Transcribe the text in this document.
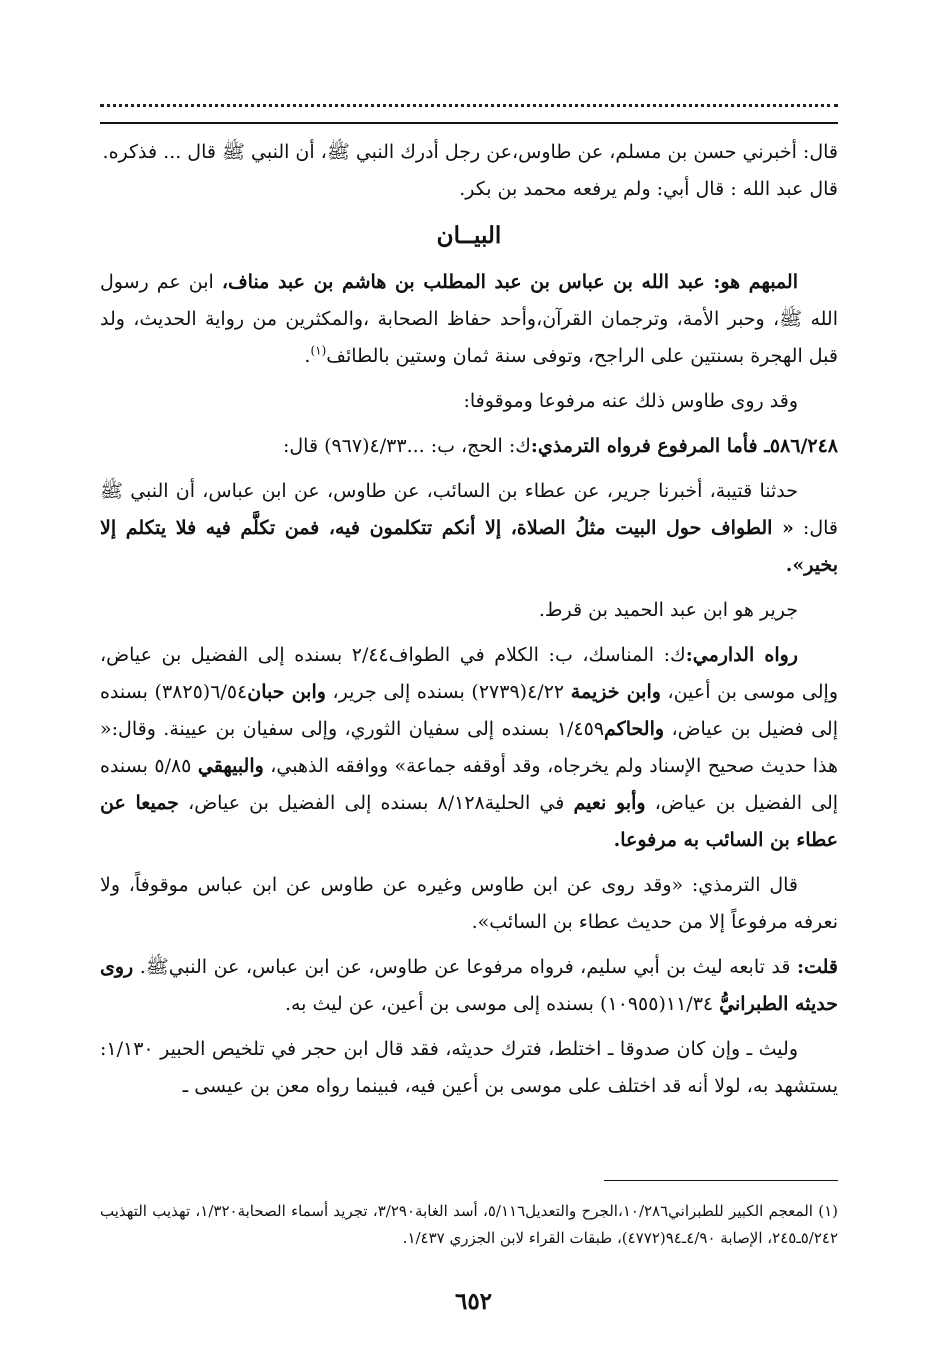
قال: أخبرني حسن بن مسلم، عن طاوس،عن رجل أدرك النبي ﷺ، أن النبي ﷺ قال ... فذكره.
قال عبد الله : قال أبي: ولم يرفعه محمد بن بكر.

البيــان

المبهم هو: عبد الله بن عباس بن عبد المطلب بن هاشم بن عبد مناف، ابن عم رسول الله ﷺ، وحبر الأمة، وترجمان القرآن،وأحد حفاظ الصحابة ،والمكثرين من رواية الحديث، ولد قبل الهجرة بسنتين على الراجح، وتوفى سنة ثمان وستين بالطائف$^{(١)}$.

وقد روى طاوس ذلك عنه مرفوعا وموقوفا:

٥٨٦/٢٤٨ـ فأما المرفوع فرواه الترمذي:ك: الحج، ب: ...٤/٣٣(٩٦٧) قال:

حدثنا قتيبة، أخبرنا جرير، عن عطاء بن السائب، عن طاوس، عن ابن عباس، أن النبي ﷺ قال: « الطواف حول البيت مثلُ الصلاة، إلا أنكم تتكلمون فيه، فمن تكلَّم فيه فلا يتكلم إلا بخير».

جرير هو ابن عبد الحميد بن قرط.

رواه الدارمي:ك: المناسك، ب: الكلام في الطواف٢/٤٤ بسنده إلى الفضيل بن عياض، وإلى موسى بن أعين، وابن خزيمة ٤/٢٢(٢٧٣٩) بسنده إلى جرير، وابن حبان٦/٥٤(٣٨٢٥) بسنده إلى فضيل بن عياض، والحاكم١/٤٥٩ بسنده إلى سفيان الثوري، وإلى سفيان بن عيينة. وقال:« هذا حديث صحيح الإسناد ولم يخرجاه، وقد أوقفه جماعة» ووافقه الذهبي، والبيهقي ٥/٨٥ بسنده إلى الفضيل بن عياض، وأبو نعيم في الحلية٨/١٢٨ بسنده إلى الفضيل بن عياض، جميعا عن عطاء بن السائب به مرفوعا.

قال الترمذي: «وقد روى عن ابن طاوس وغيره عن طاوس عن ابن عباس موقوفاً، ولا نعرفه مرفوعاً إلا من حديث عطاء بن السائب».

قلت: قد تابعه ليث بن أبي سليم، فرواه مرفوعا عن طاوس، عن ابن عباس، عن النبيﷺ. روى حديثه الطبرانيُّ ١١/٣٤(١٠٩٥٥) بسنده إلى موسى بن أعين، عن ليث به.

وليث ـ وإن كان صدوقا ـ اختلط، فترك حديثه، فقد قال ابن حجر في تلخيص الحبير ١/١٣٠: يستشهد به، لولا أنه قد اختلف على موسى بن أعين فيه، فبينما رواه معن بن عيسى ـ

(١) المعجم الكبير للطبراني١٠/٢٨٦،الجرح والتعديل٥/١١٦، أسد الغابة٣/٢٩٠، تجريد أسماء الصحابة١/٣٢٠، تهذيب التهذيب ٥/٢٤٢ـ٢٤٥، الإصابة ٤/٩٠ـ٩٤(٤٧٧٢)، طبقات القراء لابن الجزري ١/٤٣٧.

٦٥٢
